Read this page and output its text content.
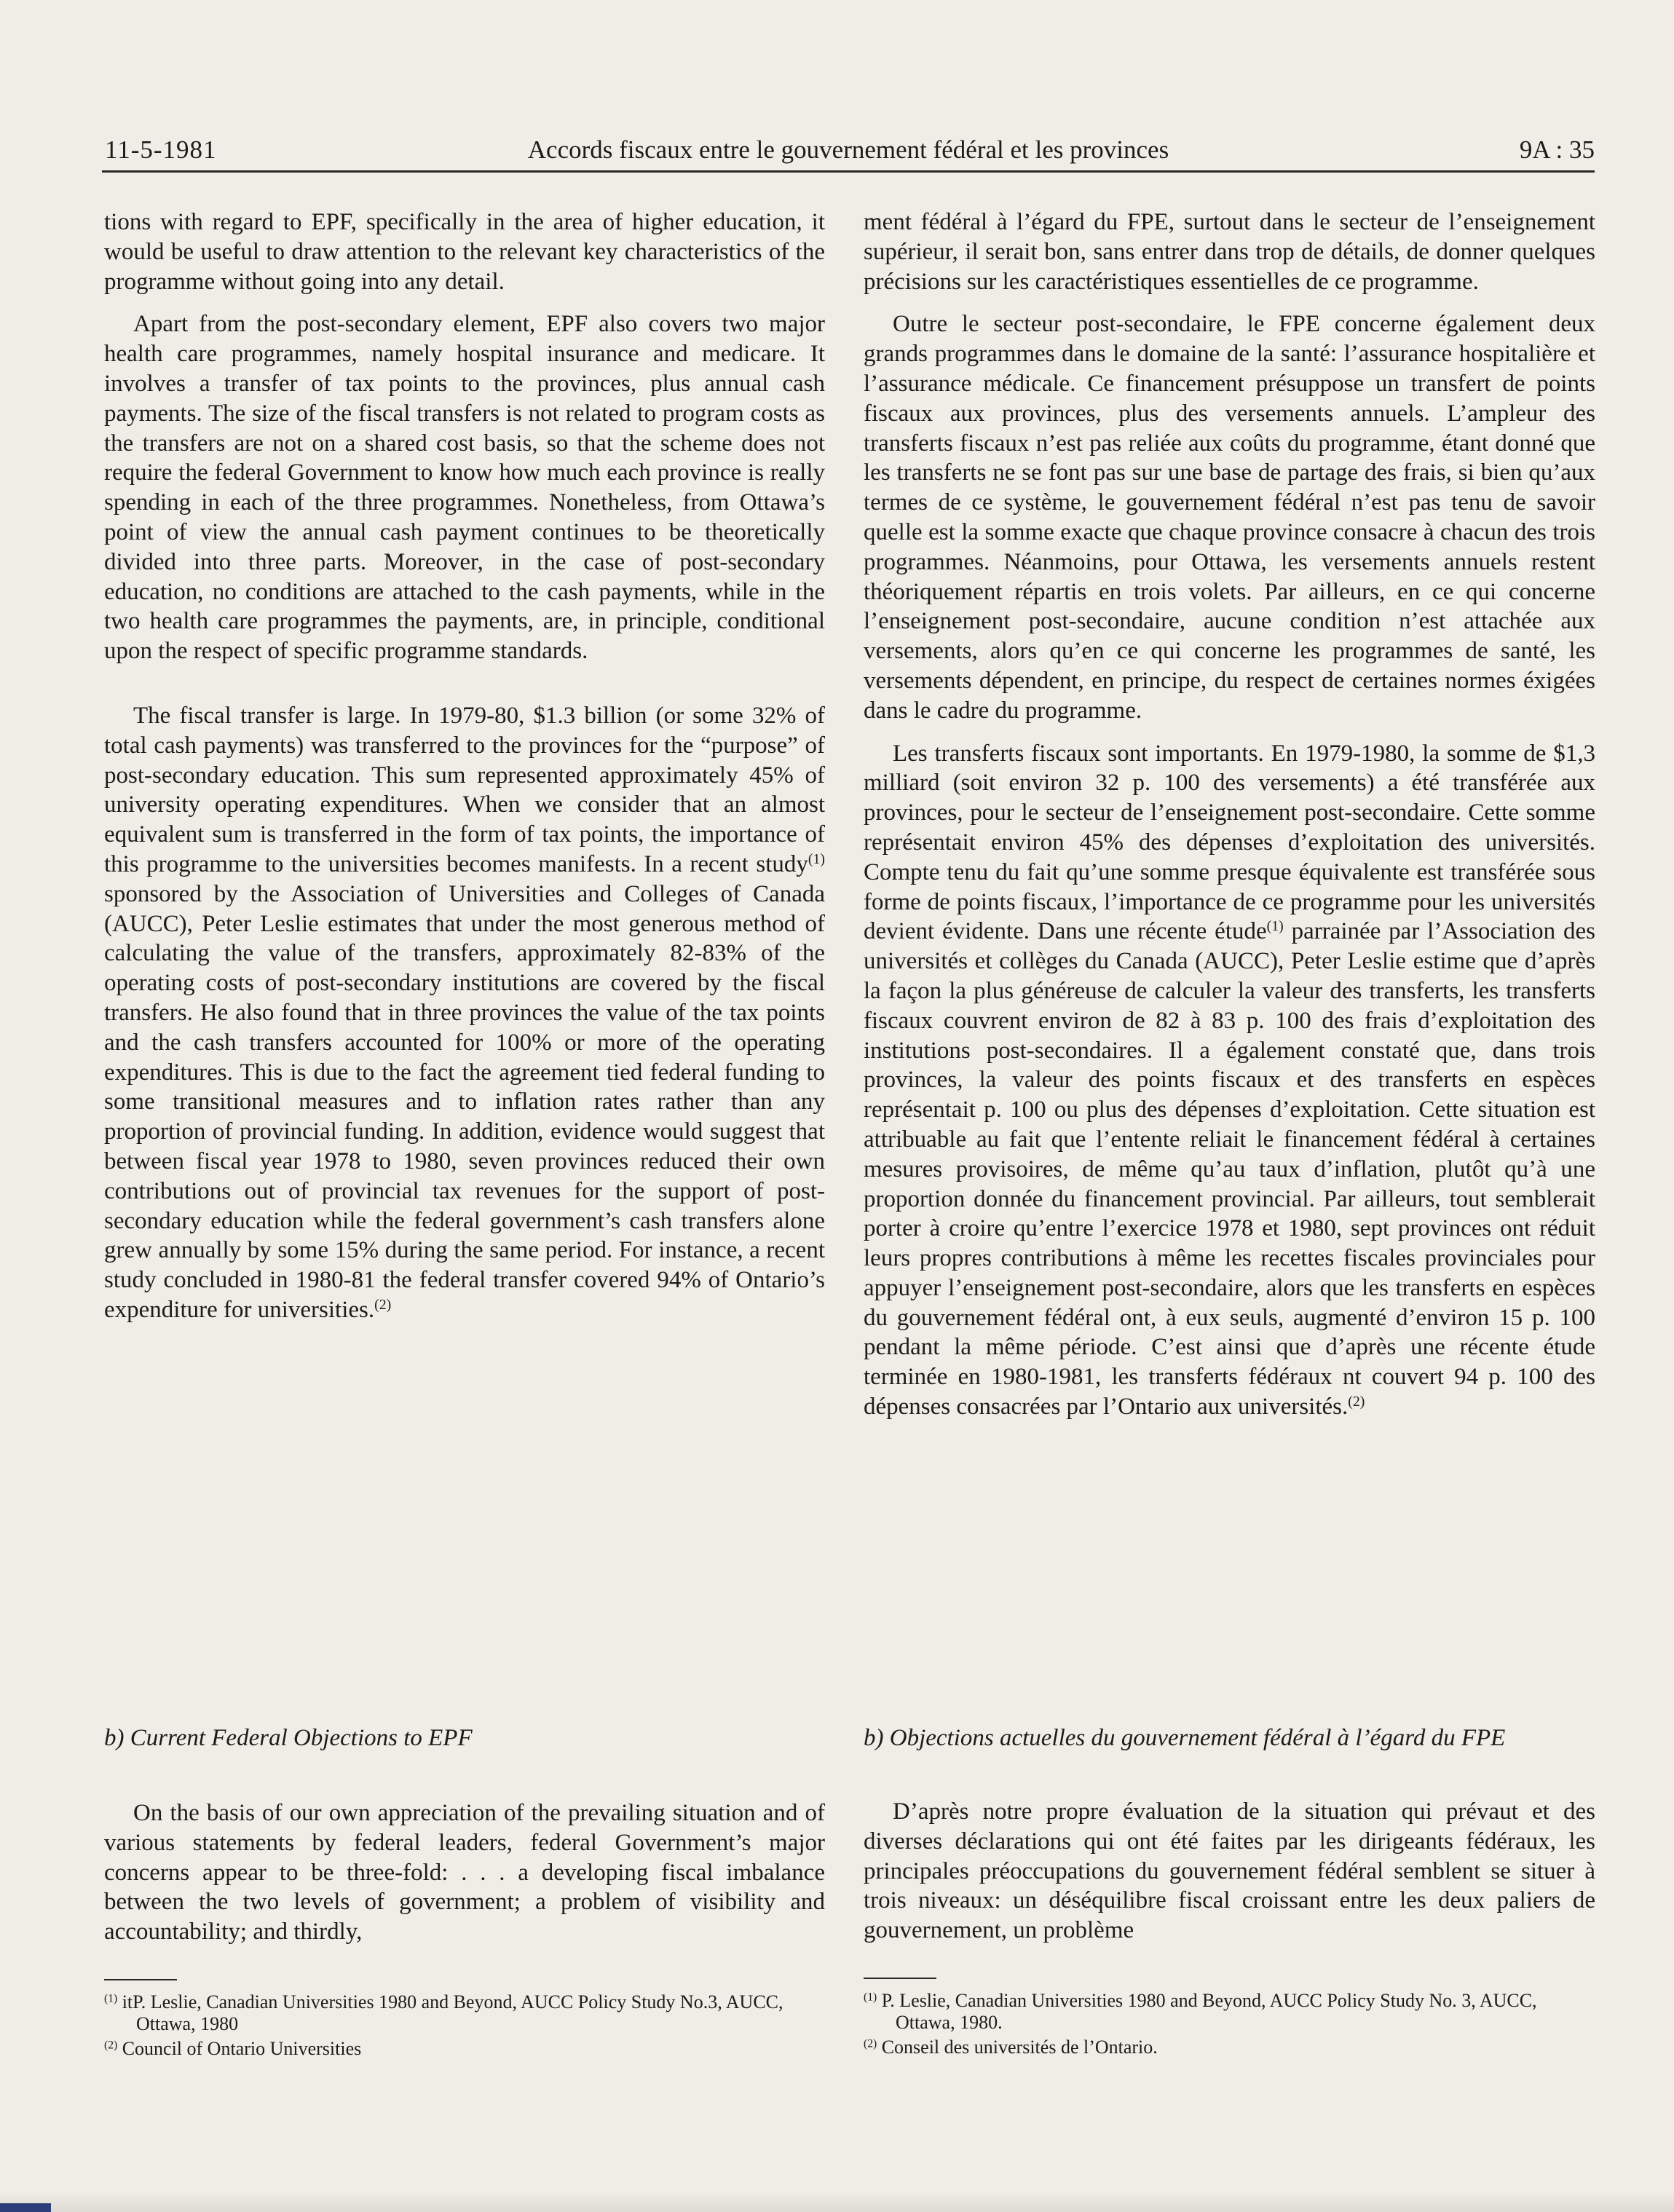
11-5-1981	Accords fiscaux entre le gouvernement fédéral et les provinces	9A : 35

tions with regard to EPF, specifically in the area of higher education, it would be useful to draw attention to the relevant key characteristics of the programme without going into any detail.

Apart from the post-secondary element, EPF also covers two major health care programmes, namely hospital insurance and medicare. It involves a transfer of tax points to the provinces, plus annual cash payments. The size of the fiscal transfers is not related to program costs as the transfers are not on a shared cost basis, so that the scheme does not require the federal Government to know how much each province is really spending in each of the three programmes. Nonetheless, from Ottawa’s point of view the annual cash payment continues to be theoretically divided into three parts. Moreover, in the case of post-secondary education, no conditions are attached to the cash payments, while in the two health care programmes the payments, are, in principle, conditional upon the respect of specific programme standards.

The fiscal transfer is large. In 1979-80, $1.3 billion (or some 32% of total cash payments) was transferred to the provinces for the “purpose” of post-secondary education. This sum represented approximately 45% of university operating expenditures. When we consider that an almost equivalent sum is transferred in the form of tax points, the importance of this programme to the universities becomes manifests. In a recent study$^{(1)}$ sponsored by the Association of Universities and Colleges of Canada (AUCC), Peter Leslie estimates that under the most generous method of calculating the value of the transfers, approximately 82-83% of the operating costs of post-secondary institutions are covered by the fiscal transfers. He also found that in three provinces the value of the tax points and the cash transfers accounted for 100% or more of the operating expenditures. This is due to the fact the agreement tied federal funding to some transitional measures and to inflation rates rather than any proportion of provincial funding. In addition, evidence would suggest that between fiscal year 1978 to 1980, seven provinces reduced their own contributions out of provincial tax revenues for the support of post-secondary education while the federal government’s cash transfers alone grew annually by some 15% during the same period. For instance, a recent study concluded in 1980-81 the federal transfer covered 94% of Ontario’s expenditure for universities.$^{(2)}$

ment fédéral à l’égard du FPE, surtout dans le secteur de l’enseignement supérieur, il serait bon, sans entrer dans trop de détails, de donner quelques précisions sur les caractéristiques essentielles de ce programme.

Outre le secteur post-secondaire, le FPE concerne également deux grands programmes dans le domaine de la santé: l’assurance hospitalière et l’assurance médicale. Ce financement présuppose un transfert de points fiscaux aux provinces, plus des versements annuels. L’ampleur des transferts fiscaux n’est pas reliée aux coûts du programme, étant donné que les transferts ne se font pas sur une base de partage des frais, si bien qu’aux termes de ce système, le gouvernement fédéral n’est pas tenu de savoir quelle est la somme exacte que chaque province consacre à chacun des trois programmes. Néanmoins, pour Ottawa, les versements annuels restent théoriquement répartis en trois volets. Par ailleurs, en ce qui concerne l’enseignement post-secondaire, aucune condition n’est attachée aux versements, alors qu’en ce qui concerne les programmes de santé, les versements dépendent, en principe, du respect de certaines normes éxigées dans le cadre du programme.

Les transferts fiscaux sont importants. En 1979-1980, la somme de $1,3 milliard (soit environ 32 p. 100 des versements) a été transférée aux provinces, pour le secteur de l’enseignement post-secondaire. Cette somme représentait environ 45% des dépenses d’exploitation des universités. Compte tenu du fait qu’une somme presque équivalente est transférée sous forme de points fiscaux, l’importance de ce programme pour les universités devient évidente. Dans une récente étude$^{(1)}$ parrainée par l’Association des universités et collèges du Canada (AUCC), Peter Leslie estime que d’après la façon la plus généreuse de calculer la valeur des transferts, les transferts fiscaux couvrent environ de 82 à 83 p. 100 des frais d’exploitation des institutions post-secondaires. Il a également constaté que, dans trois provinces, la valeur des points fiscaux et des transferts en espèces représentait p. 100 ou plus des dépenses d’exploitation. Cette situation est attribuable au fait que l’entente reliait le financement fédéral à certaines mesures provisoires, de même qu’au taux d’inflation, plutôt qu’à une proportion donnée du financement provincial. Par ailleurs, tout semblerait porter à croire qu’entre l’exercice 1978 et 1980, sept provinces ont réduit leurs propres contributions à même les recettes fiscales provinciales pour appuyer l’enseignement post-secondaire, alors que les transferts en espèces du gouvernement fédéral ont, à eux seuls, augmenté d’environ 15 p. 100 pendant la même période. C’est ainsi que d’après une récente étude terminée en 1980-1981, les transferts fédéraux nt couvert 94 p. 100 des dépenses consacrées par l’Ontario aux universités.$^{(2)}$

b) Current Federal Objections to EPF	b) Objections actuelles du gouvernement fédéral à l’égard du FPE

On the basis of our own appreciation of the prevailing situation and of various statements by federal leaders, federal Government’s major concerns appear to be three-fold: . . . a developing fiscal imbalance between the two levels of government; a problem of visibility and accountability; and thirdly,

D’après notre propre évaluation de la situation qui prévaut et des diverses déclarations qui ont été faites par les dirigeants fédéraux, les principales préoccupations du gouvernement fédéral semblent se situer à trois niveaux: un déséquilibre fiscal croissant entre les deux paliers de gouvernement, un problème

$^{(1)}$ itP. Leslie, Canadian Universities 1980 and Beyond, AUCC Policy Study No.3, AUCC, Ottawa, 1980
$^{(2)}$ Council of Ontario Universities
$^{(1)}$ P. Leslie, Canadian Universities 1980 and Beyond, AUCC Policy Study No. 3, AUCC, Ottawa, 1980.
$^{(2)}$ Conseil des universités de l’Ontario.
